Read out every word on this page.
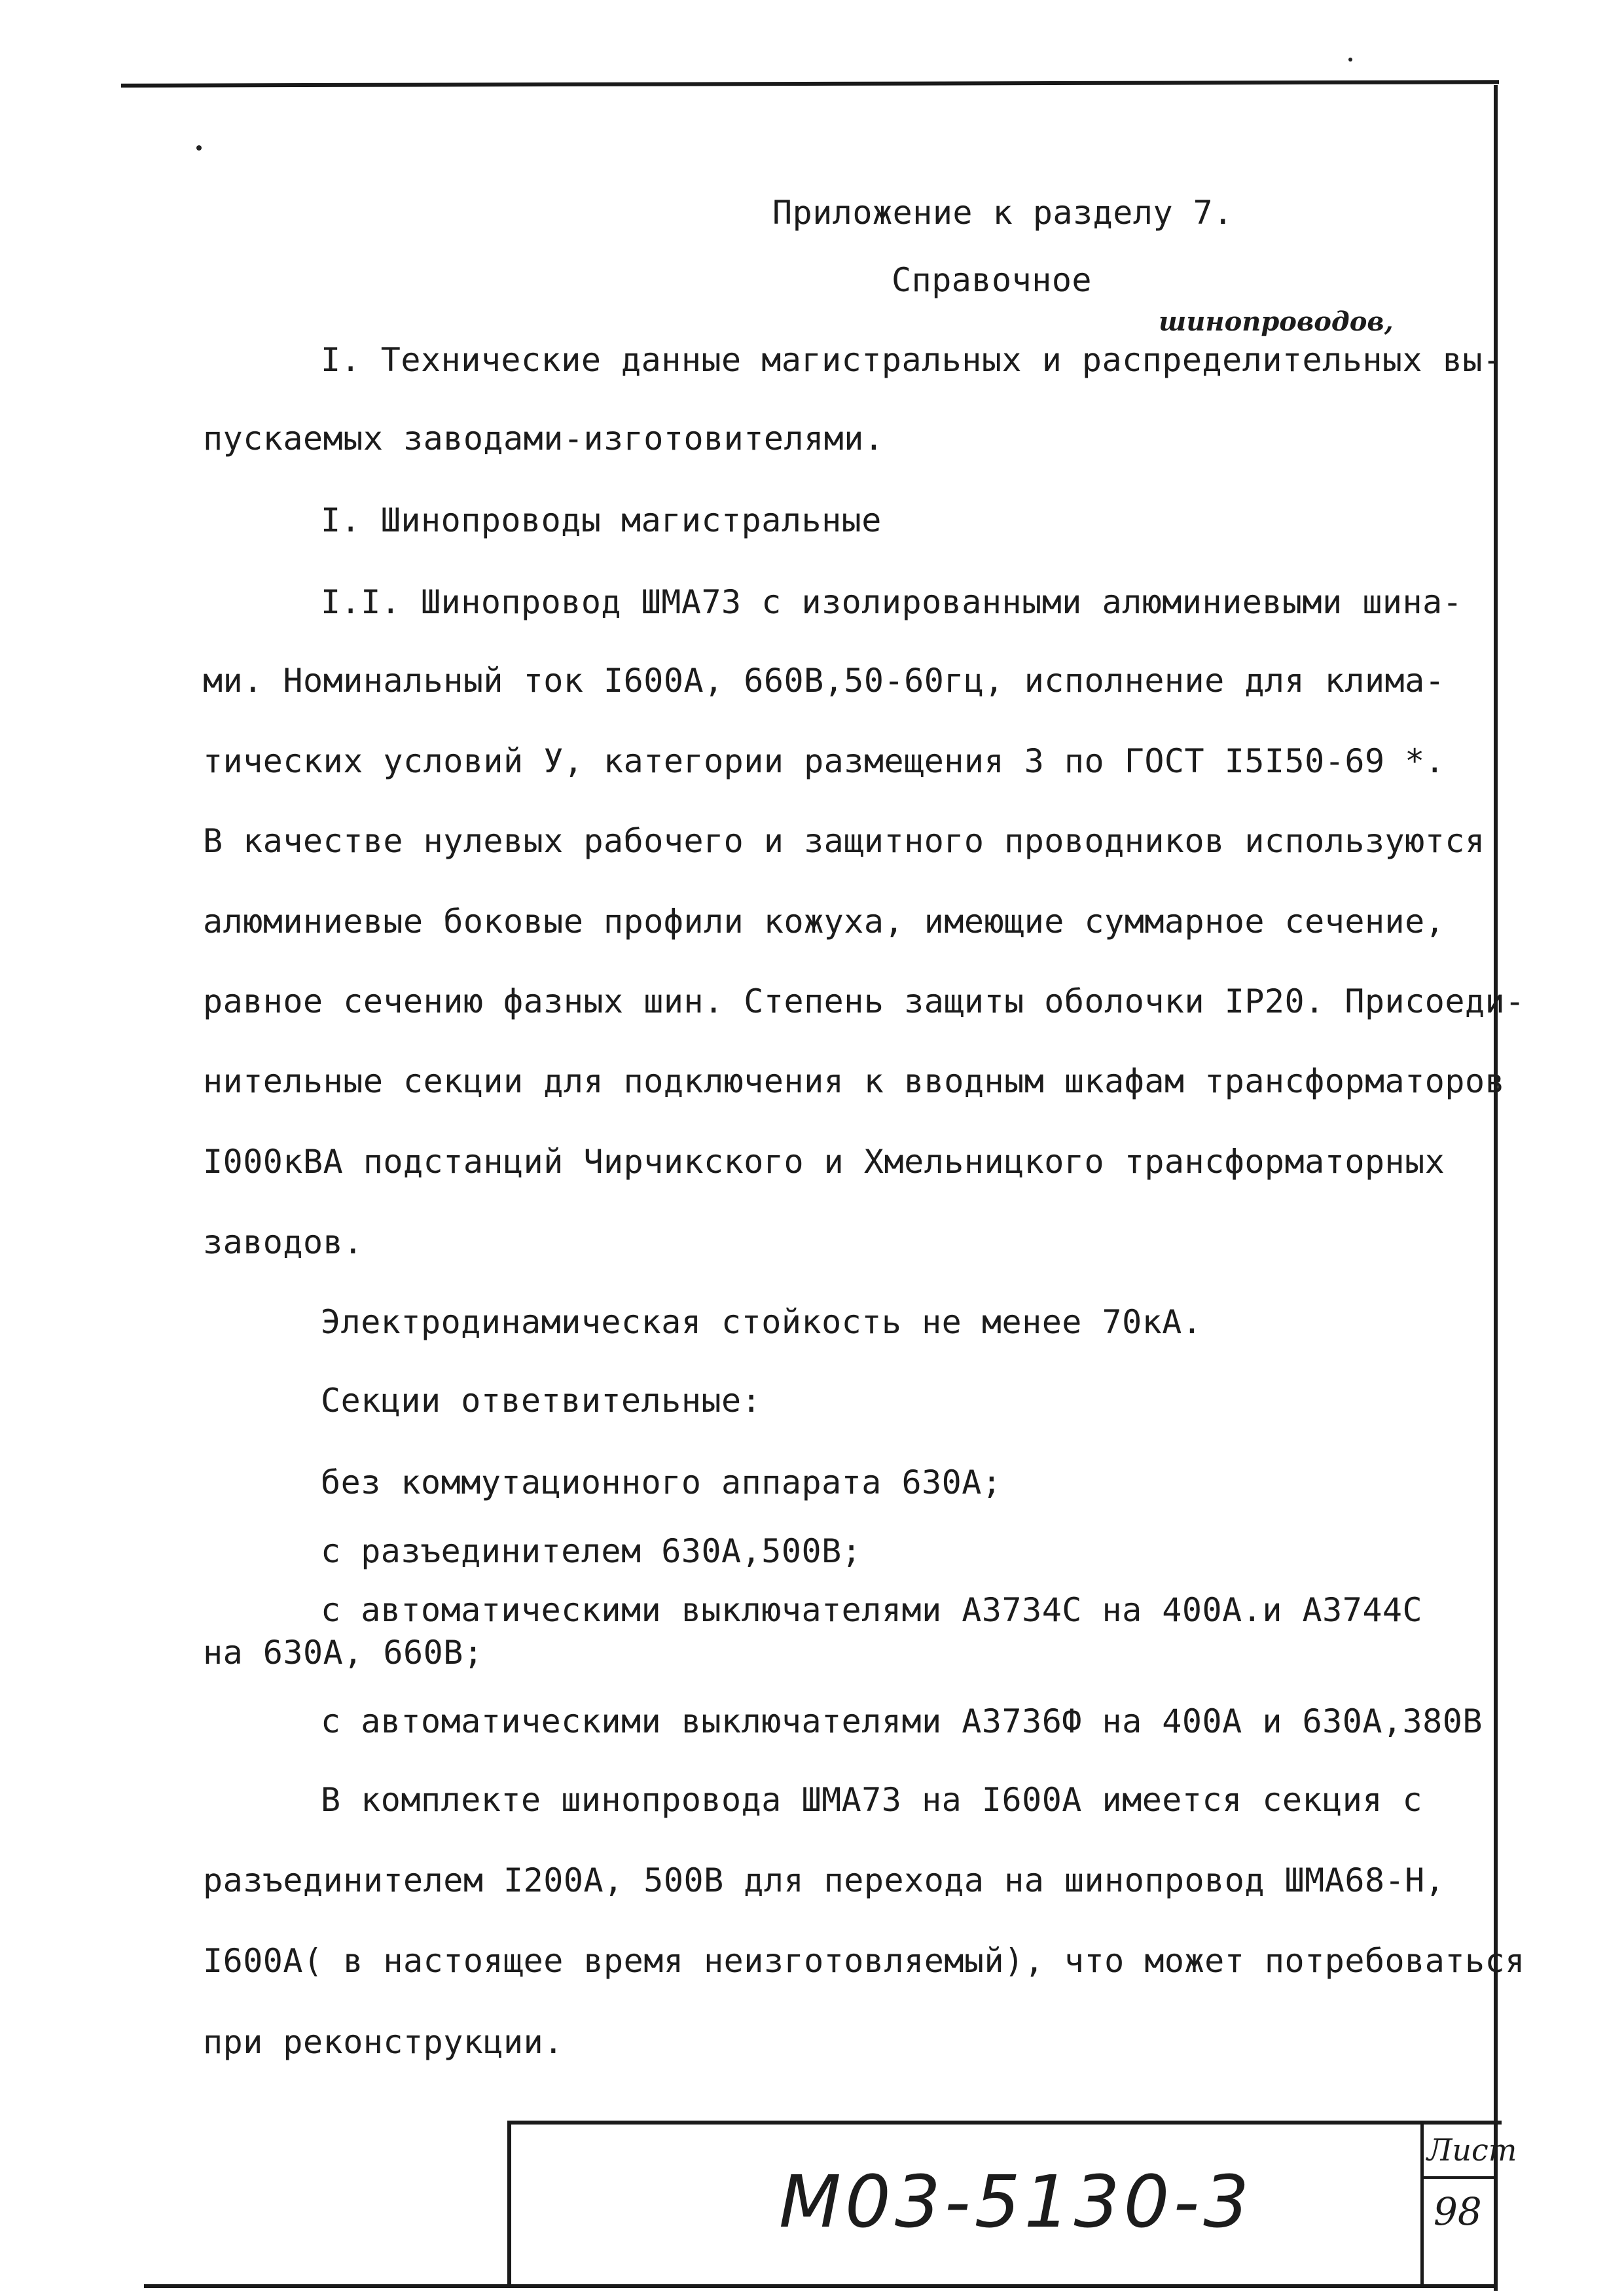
Приложение к разделу 7.
Справочное
шинопроводов,
I. Технические данные магистральных и распределительных вы-
пускаемых заводами-изготовителями.
I. Шинопроводы магистральные
I.I. Шинопровод ШМА73 с изолированными алюминиевыми шина-
ми. Номинальный ток I600А, 660В,50-60гц, исполнение для клима-
тических условий У, категории размещения 3 по ГОСТ I5I50-69 *.
В качестве нулевых рабочего и защитного проводников используются
алюминиевые боковые профили кожуха, имеющие суммарное сечение,
равное сечению фазных шин. Степень защиты оболочки IP20. Присоеди-
нительные секции для подключения к вводным шкафам трансформаторов
I000кВА подстанций Чирчикского и Хмельницкого трансформаторных
заводов.
Электродинамическая стойкость не менее 70кА.
Секции ответвительные:
без коммутационного аппарата 630А;
с разъединителем 630А,500В;
с автоматическими выключателями А3734С на 400А.и А3744С
на 630А, 660В;
с автоматическими выключателями А3736Ф на 400А и 630А,380В
В комплекте шинопровода ШМА73 на I600А имеется секция с
разъединителем I200А, 500В для перехода на шинопровод ШМА68-Н,
I600А( в настоящее время неизготовляемый), что может потребоваться
при реконструкции.
М03-5130-3
Лист
98
